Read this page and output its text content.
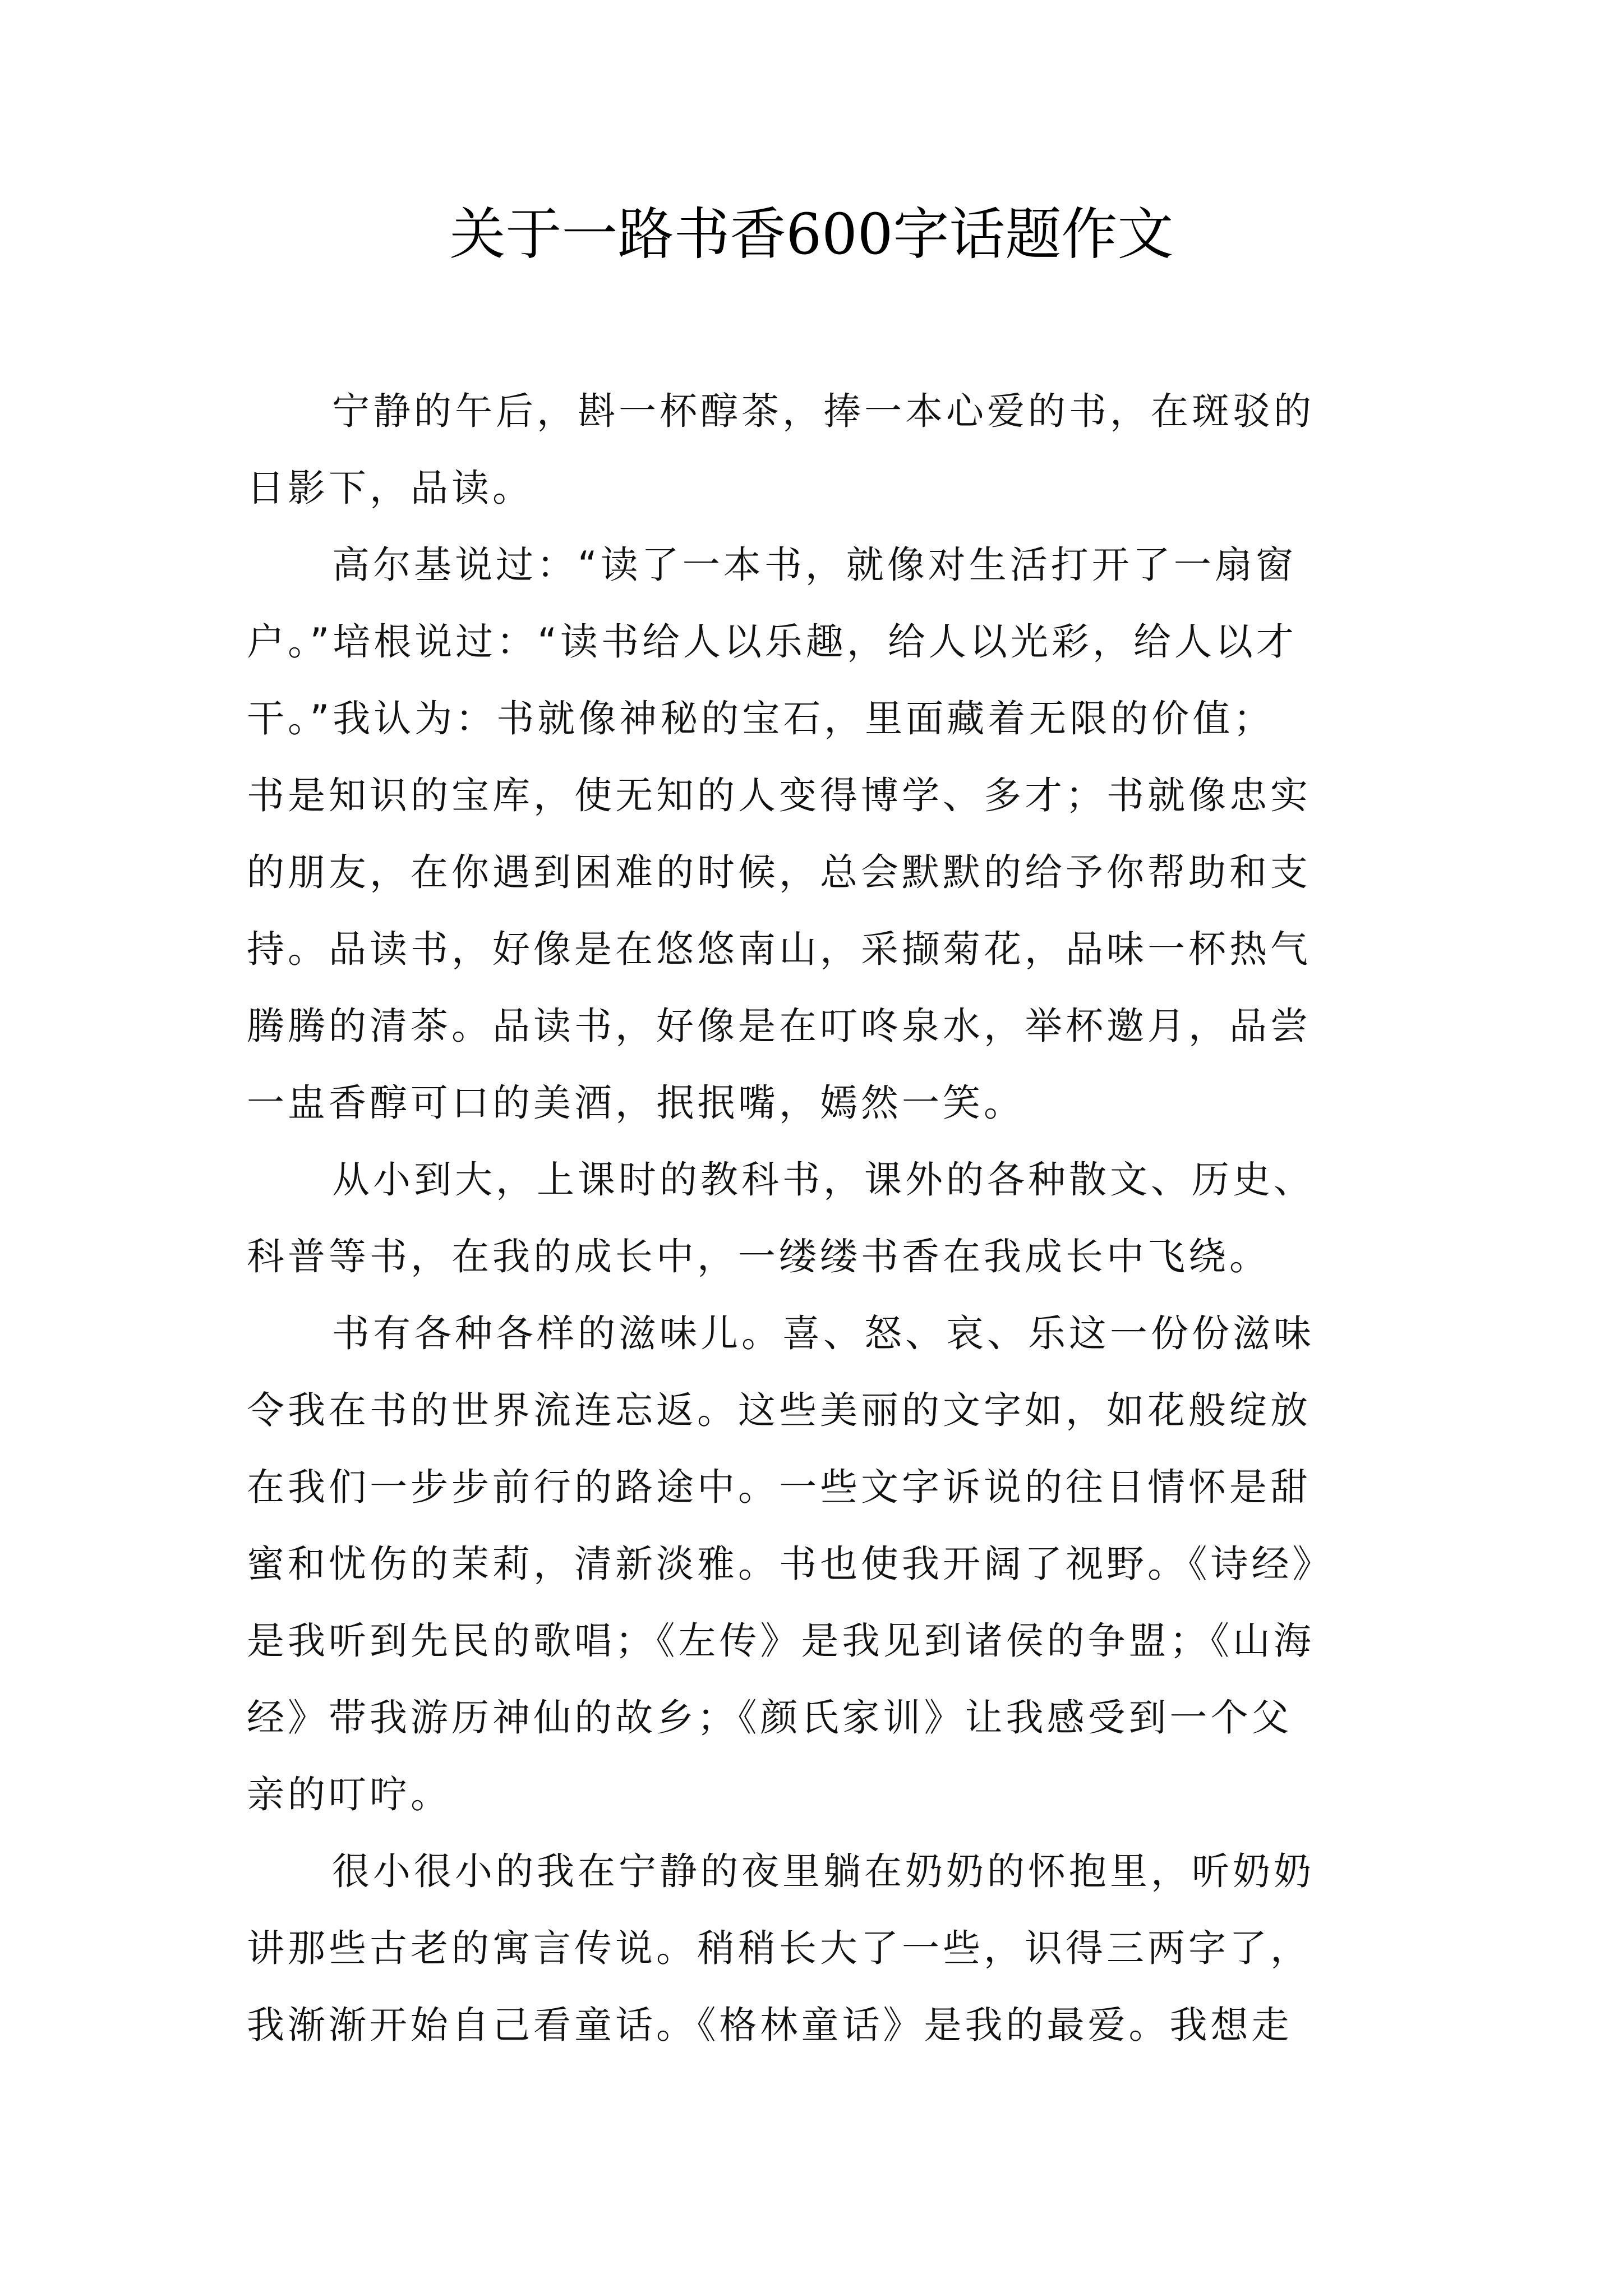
关于一路书香600字话题作文
宁静的午后，斟一杯醇茶，捧一本心爱的书，在斑驳的
日影下，品读。
高尔基说过：“读了一本书，就像对生活打开了一扇窗
户。”培根说过：“读书给人以乐趣，给人以光彩，给人以才
干。”我认为：书就像神秘的宝石，里面藏着无限的价值；
书是知识的宝库，使无知的人变得博学、多才；书就像忠实
的朋友，在你遇到困难的时候，总会默默的给予你帮助和支
持。品读书，好像是在悠悠南山，采撷菊花，品味一杯热气
腾腾的清茶。品读书，好像是在叮咚泉水，举杯邀月，品尝
一盅香醇可口的美酒，抿抿嘴，嫣然一笑。
从小到大，上课时的教科书，课外的各种散文、历史、
科普等书，在我的成长中，一缕缕书香在我成长中飞绕。
书有各种各样的滋味儿。喜、怒、哀、乐这一份份滋味
令我在书的世界流连忘返。这些美丽的文字如，如花般绽放
在我们一步步前行的路途中。一些文字诉说的往日情怀是甜
蜜和忧伤的茉莉，清新淡雅。书也使我开阔了视野。《诗经》
是我听到先民的歌唱；《左传》是我见到诸侯的争盟；《山海
经》带我游历神仙的故乡；《颜氏家训》让我感受到一个父
亲的叮咛。
很小很小的我在宁静的夜里躺在奶奶的怀抱里，听奶奶
讲那些古老的寓言传说。稍稍长大了一些，识得三两字了，
我渐渐开始自己看童话。《格林童话》是我的最爱。我想走
